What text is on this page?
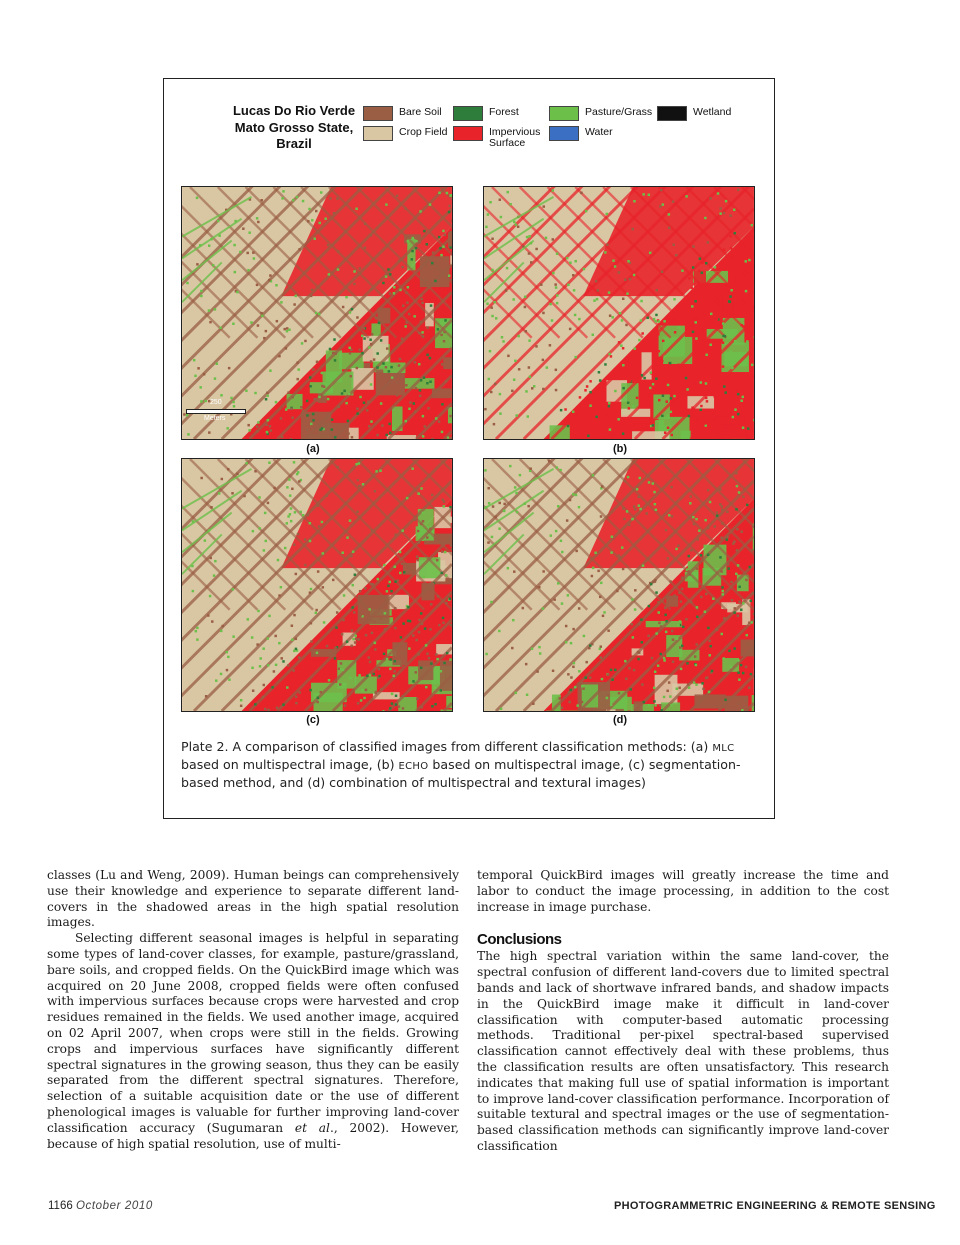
Lucas Do Rio Verde
Mato Grosso State,
Brazil
Bare Soil
Crop Field
Forest
Impervious Surface
Pasture/Grass
Water
Wetland
250
Meters
(a)	(b)
(c)	(d)
Plate 2. A comparison of classified images from different classification methods: (a) MLC based on multispectral image, (b) ECHO based on multispectral image, (c) segmentation-based method, and (d) combination of multispectral and textural images)

classes (Lu and Weng, 2009). Human beings can comprehensively use their knowledge and experience to separate different land-covers in the shadowed areas in the high spatial resolution images.

Selecting different seasonal images is helpful in separating some types of land-cover classes, for example, pasture/grassland, bare soils, and cropped fields. On the QuickBird image which was acquired on 20 June 2008, cropped fields were often confused with impervious surfaces because crops were harvested and crop residues remained in the fields. We used another image, acquired on 02 April 2007, when crops were still in the fields. Growing crops and impervious surfaces have significantly different spectral signatures in the growing season, thus they can be easily separated from the different spectral signatures. Therefore, selection of a suitable acquisition date or the use of different phenological images is valuable for further improving land-cover classification accuracy (Sugumaran et al., 2002). However, because of high spatial resolution, use of multi-

temporal QuickBird images will greatly increase the time and labor to conduct the image processing, in addition to the cost increase in image purchase.

Conclusions

The high spectral variation within the same land-cover, the spectral confusion of different land-covers due to limited spectral bands and lack of shortwave infrared bands, and shadow impacts in the QuickBird image make it difficult in land-cover classification with computer-based automatic processing methods. Traditional per-pixel spectral-based supervised classification cannot effectively deal with these problems, thus the classification results are often unsatisfactory. This research indicates that making full use of spatial information is important to improve land-cover classification performance. Incorporation of suitable textural and spectral images or the use of segmentation-based classification methods can significantly improve land-cover classification

1166 October 2010	PHOTOGRAMMETRIC ENGINEERING & REMOTE SENSING
